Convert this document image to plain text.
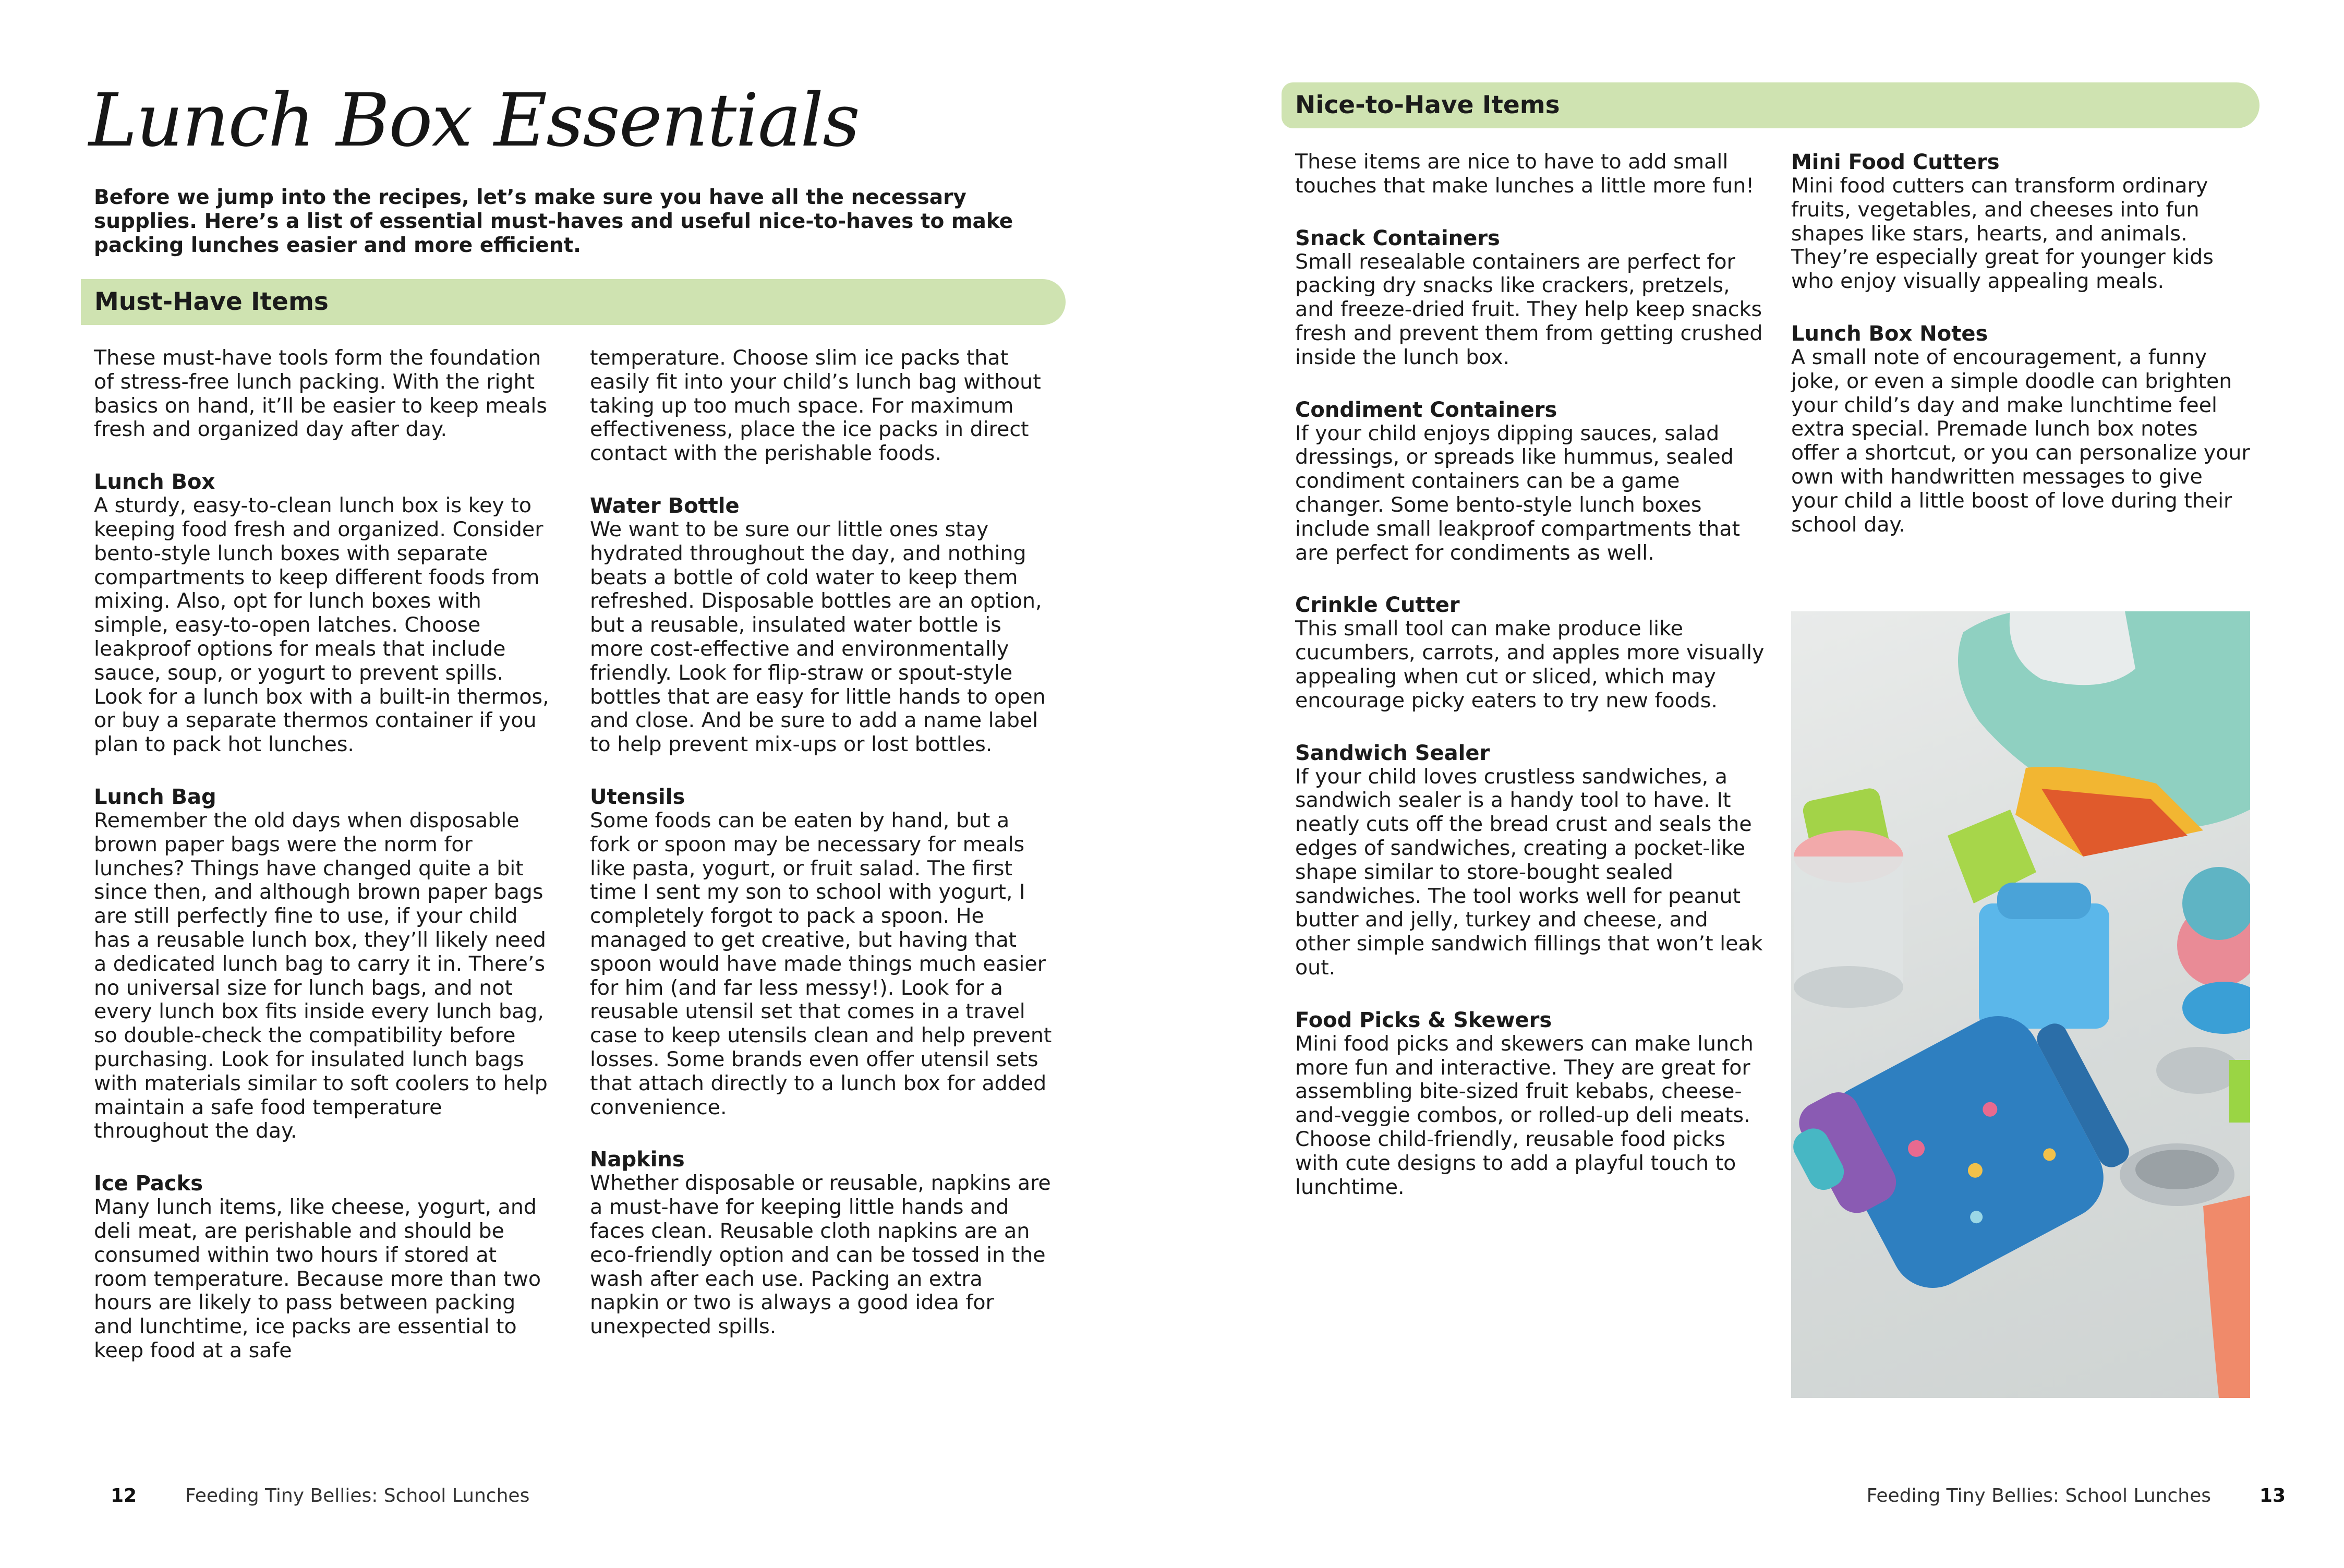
Lunch Box Essentials

Before we jump into the recipes, let’s make sure you have all the necessary supplies. Here’s a list of essential must-haves and useful nice-to-haves to make packing lunches easier and more efficient.

Must-Have Items

These must-have tools form the foundation of stress-free lunch packing. With the right basics on hand, it’ll be easier to keep meals fresh and organized day after day.

Lunch Box

A sturdy, easy-to-clean lunch box is key to keeping food fresh and organized. Consider bento-style lunch boxes with separate compartments to keep different foods from mixing. Also, opt for lunch boxes with simple, easy-to-open latches. Choose leakproof options for meals that include sauce, soup, or yogurt to prevent spills. Look for a lunch box with a built-in thermos, or buy a separate thermos container if you plan to pack hot lunches.

Lunch Bag

Remember the old days when disposable brown paper bags were the norm for lunches? Things have changed quite a bit since then, and although brown paper bags are still perfectly fine to use, if your child has a reusable lunch box, they’ll likely need a dedicated lunch bag to carry it in. There’s no universal size for lunch bags, and not every lunch box fits inside every lunch bag, so double-check the compatibility before purchasing. Look for insulated lunch bags with materials similar to soft coolers to help maintain a safe food temperature throughout the day.

Ice Packs

Many lunch items, like cheese, yogurt, and deli meat, are perishable and should be consumed within two hours if stored at room temperature. Because more than two hours are likely to pass between packing and lunchtime, ice packs are essential to keep food at a safe

temperature. Choose slim ice packs that easily fit into your child’s lunch bag without taking up too much space. For maximum effectiveness, place the ice packs in direct contact with the perishable foods.

Water Bottle

We want to be sure our little ones stay hydrated throughout the day, and nothing beats a bottle of cold water to keep them refreshed. Disposable bottles are an option, but a reusable, insulated water bottle is more cost-effective and environmentally friendly. Look for flip-straw or spout-style bottles that are easy for little hands to open and close. And be sure to add a name label to help prevent mix-ups or lost bottles.

Utensils

Some foods can be eaten by hand, but a fork or spoon may be necessary for meals like pasta, yogurt, or fruit salad. The first time I sent my son to school with yogurt, I completely forgot to pack a spoon. He managed to get creative, but having that spoon would have made things much easier for him (and far less messy!). Look for a reusable utensil set that comes in a travel case to keep utensils clean and help prevent losses. Some brands even offer utensil sets that attach directly to a lunch box for added convenience.

Napkins

Whether disposable or reusable, napkins are a must-have for keeping little hands and faces clean. Reusable cloth napkins are an eco-friendly option and can be tossed in the wash after each use. Packing an extra napkin or two is always a good idea for unexpected spills.

12	Feeding Tiny Bellies: School Lunches
Nice-to-Have Items

These items are nice to have to add small touches that make lunches a little more fun!

Snack Containers

Small resealable containers are perfect for packing dry snacks like crackers, pretzels, and freeze-dried fruit. They help keep snacks fresh and prevent them from getting crushed inside the lunch box.

Condiment Containers

If your child enjoys dipping sauces, salad dressings, or spreads like hummus, sealed condiment containers can be a game changer. Some bento-style lunch boxes include small leakproof compartments that are perfect for condiments as well.

Crinkle Cutter

This small tool can make produce like cucumbers, carrots, and apples more visually appealing when cut or sliced, which may encourage picky eaters to try new foods.

Sandwich Sealer

If your child loves crustless sandwiches, a sandwich sealer is a handy tool to have. It neatly cuts off the bread crust and seals the edges of sandwiches, creating a pocket-like shape similar to store-bought sealed sandwiches. The tool works well for peanut butter and jelly, turkey and cheese, and other simple sandwich fillings that won’t leak out.

Food Picks & Skewers

Mini food picks and skewers can make lunch more fun and interactive. They are great for assembling bite-sized fruit kebabs, cheese-and-veggie combos, or rolled-up deli meats. Choose child-friendly, reusable food picks with cute designs to add a playful touch to lunchtime.

Mini Food Cutters

Mini food cutters can transform ordinary fruits, vegetables, and cheeses into fun shapes like stars, hearts, and animals. They’re especially great for younger kids who enjoy visually appealing meals.

Lunch Box Notes

A small note of encouragement, a funny joke, or even a simple doodle can brighten your child’s day and make lunchtime feel extra special. Premade lunch box notes offer a shortcut, or you can personalize your own with handwritten messages to give your child a little boost of love during their school day.

Feeding Tiny Bellies: School Lunches	13
